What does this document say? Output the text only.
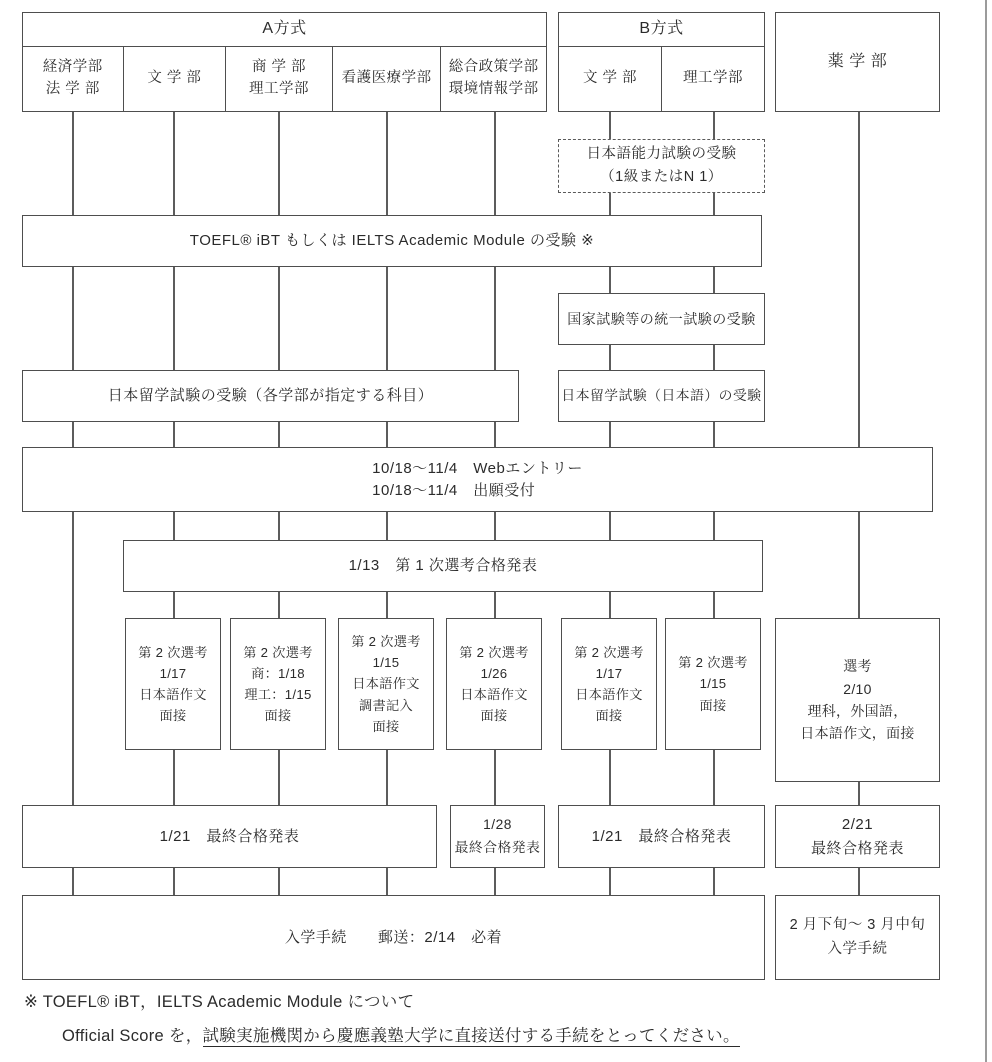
A方式
経済学部
法 学 部
文 学 部
商 学 部
理工学部
看護医療学部
総合政策学部
環境情報学部
B方式
文 学 部	理工学部
薬 学 部
日本語能力試験の受験
（1級またはN 1）
TOEFL® iBT もしくは IELTS Academic Module の受験 ※
国家試験等の統一試験の受験
日本留学試験の受験（各学部が指定する科目）	日本留学試験（日本語）の受験
10/18～11/4　Webエントリー
10/18～11/4　出願受付
1/13　第 1 次選考合格発表
第 2 次選考
1/17
日本語作文
面接
第 2 次選考
商：1/18
理工：1/15
面接
第 2 次選考
1/15
日本語作文
調書記入
面接
第 2 次選考
1/26
日本語作文
面接
第 2 次選考
1/17
日本語作文
面接
第 2 次選考
1/15
面接
選考
2/10
理科，外国語，
日本語作文，面接
1/21　最終合格発表
1/28
最終合格発表
1/21　最終合格発表
2/21
最終合格発表
入学手続　　郵送：2/14　必着
2 月下旬～ 3 月中旬
入学手続
※ TOEFL® iBT，IELTS Academic Module について
Official Score を，試験実施機関から慶應義塾大学に直接送付する手続をとってください。
